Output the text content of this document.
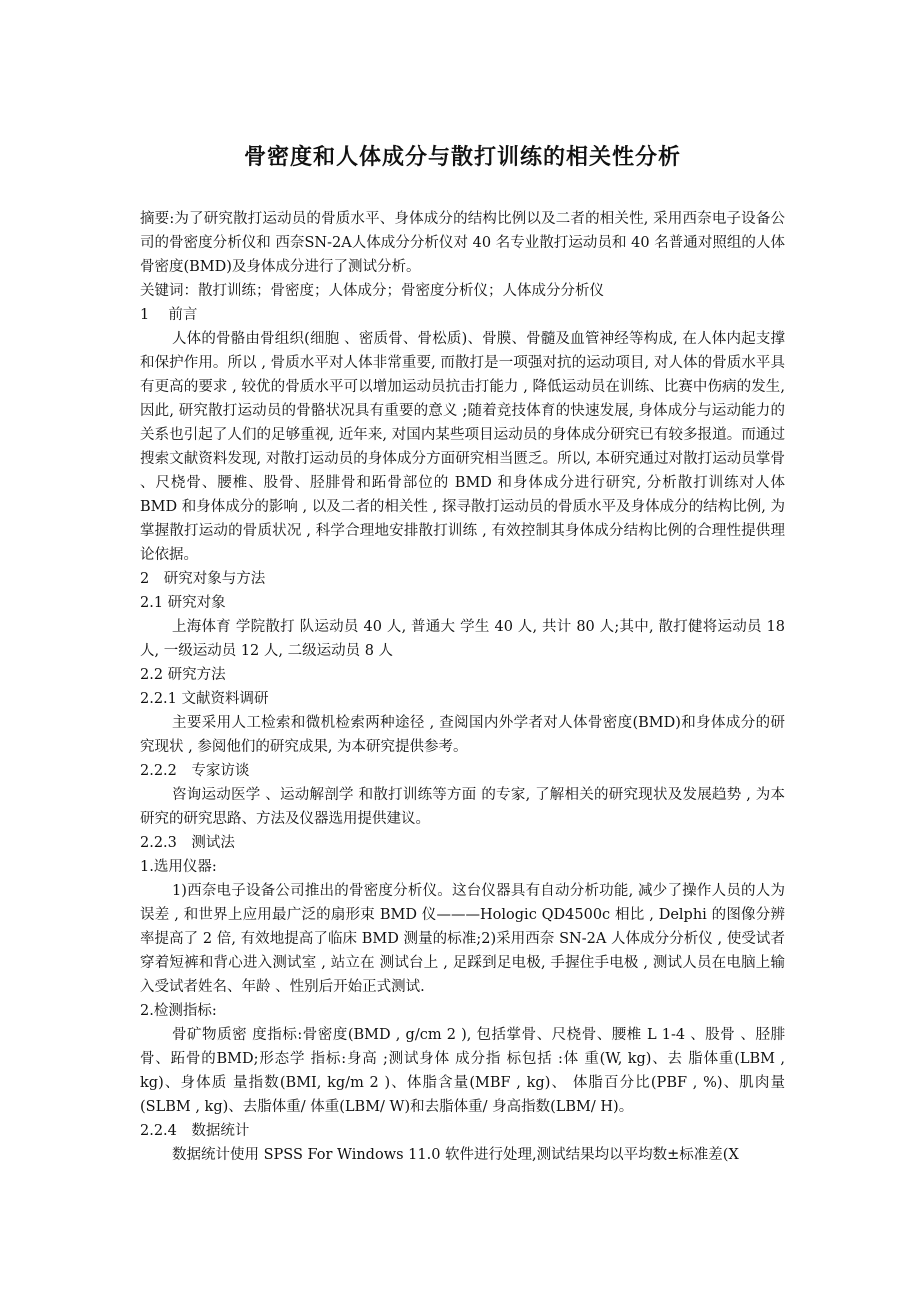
骨密度和人体成分与散打训练的相关性分析

摘要:为了研究散打运动员的骨质水平、身体成分的结构比例以及二者的相关性, 采用西奈电子设备公司的骨密度分析仪和 西奈SN-2A人体成分分析仪对 40 名专业散打运动员和 40 名普通对照组的人体骨密度(BMD)及身体成分进行了测试分析。

关键词：散打训练；骨密度；人体成分；骨密度分析仪；人体成分分析仪

1　 前言

人体的骨骼由骨组织(细胞 、密质骨、骨松质)、骨膜、骨髓及血管神经等构成, 在人体内起支撑和保护作用。所以 , 骨质水平对人体非常重要, 而散打是一项强对抗的运动项目, 对人体的骨质水平具有更高的要求 , 较优的骨质水平可以增加运动员抗击打能力 , 降低运动员在训练、比赛中伤病的发生, 因此, 研究散打运动员的骨骼状况具有重要的意义 ;随着竞技体育的快速发展, 身体成分与运动能力的关系也引起了人们的足够重视, 近年来, 对国内某些项目运动员的身体成分研究已有较多报道。而通过搜索文献资料发现, 对散打运动员的身体成分方面研究相当匮乏。所以, 本研究通过对散打运动员掌骨 、尺桡骨、腰椎、股骨、胫腓骨和跖骨部位的 BMD 和身体成分进行研究, 分析散打训练对人体 BMD 和身体成分的影响 , 以及二者的相关性 , 探寻散打运动员的骨质水平及身体成分的结构比例, 为掌握散打运动的骨质状况 , 科学合理地安排散打训练 , 有效控制其身体成分结构比例的合理性提供理论依据。

2　研究对象与方法

2.1 研究对象

上海体育 学院散打 队运动员 40 人, 普通大 学生 40 人, 共计 80 人;其中, 散打健将运动员 18 人, 一级运动员 12 人, 二级运动员 8 人

2.2 研究方法

2.2.1 文献资料调研

主要采用人工检索和微机检索两种途径 , 查阅国内外学者对人体骨密度(BMD)和身体成分的研究现状 , 参阅他们的研究成果, 为本研究提供参考。

2.2.2　专家访谈

咨询运动医学 、运动解剖学 和散打训练等方面 的专家, 了解相关的研究现状及发展趋势 , 为本研究的研究思路、方法及仪器选用提供建议。

2.2.3　测试法

1.选用仪器:

1)西奈电子设备公司推出的骨密度分析仪。这台仪器具有自动分析功能, 减少了操作人员的人为误差 , 和世界上应用最广泛的扇形束 BMD 仪———Hologic QD4500c 相比 , Delphi 的图像分辨率提高了 2 倍, 有效地提高了临床 BMD 测量的标准;2)采用西奈 SN-2A 人体成分分析仪 , 使受试者穿着短裤和背心进入测试室 , 站立在 测试台上 , 足踩到足电极, 手握住手电极 , 测试人员在电脑上输入受试者姓名、年龄 、性别后开始正式测试.

2.检测指标:

骨矿物质密 度指标:骨密度(BMD , g/cm 2 ), 包括掌骨、尺桡骨、腰椎 L 1-4 、股骨 、胫腓骨、跖骨的BMD;形态学 指标:身高 ;测试身体 成分指 标包括 :体 重(W, kg)、去 脂体重(LBM , kg)、身体质 量指数(BMI, kg/m 2 )、体脂含量(MBF , kg)、 体脂百分比(PBF , %)、肌肉量(SLBM , kg)、去脂体重/ 体重(LBM/ W)和去脂体重/ 身高指数(LBM/ H)。

2.2.4　数据统计

数据统计使用 SPSS For Windows 11.0 软件进行处理,测试结果均以平均数±标准差(X
